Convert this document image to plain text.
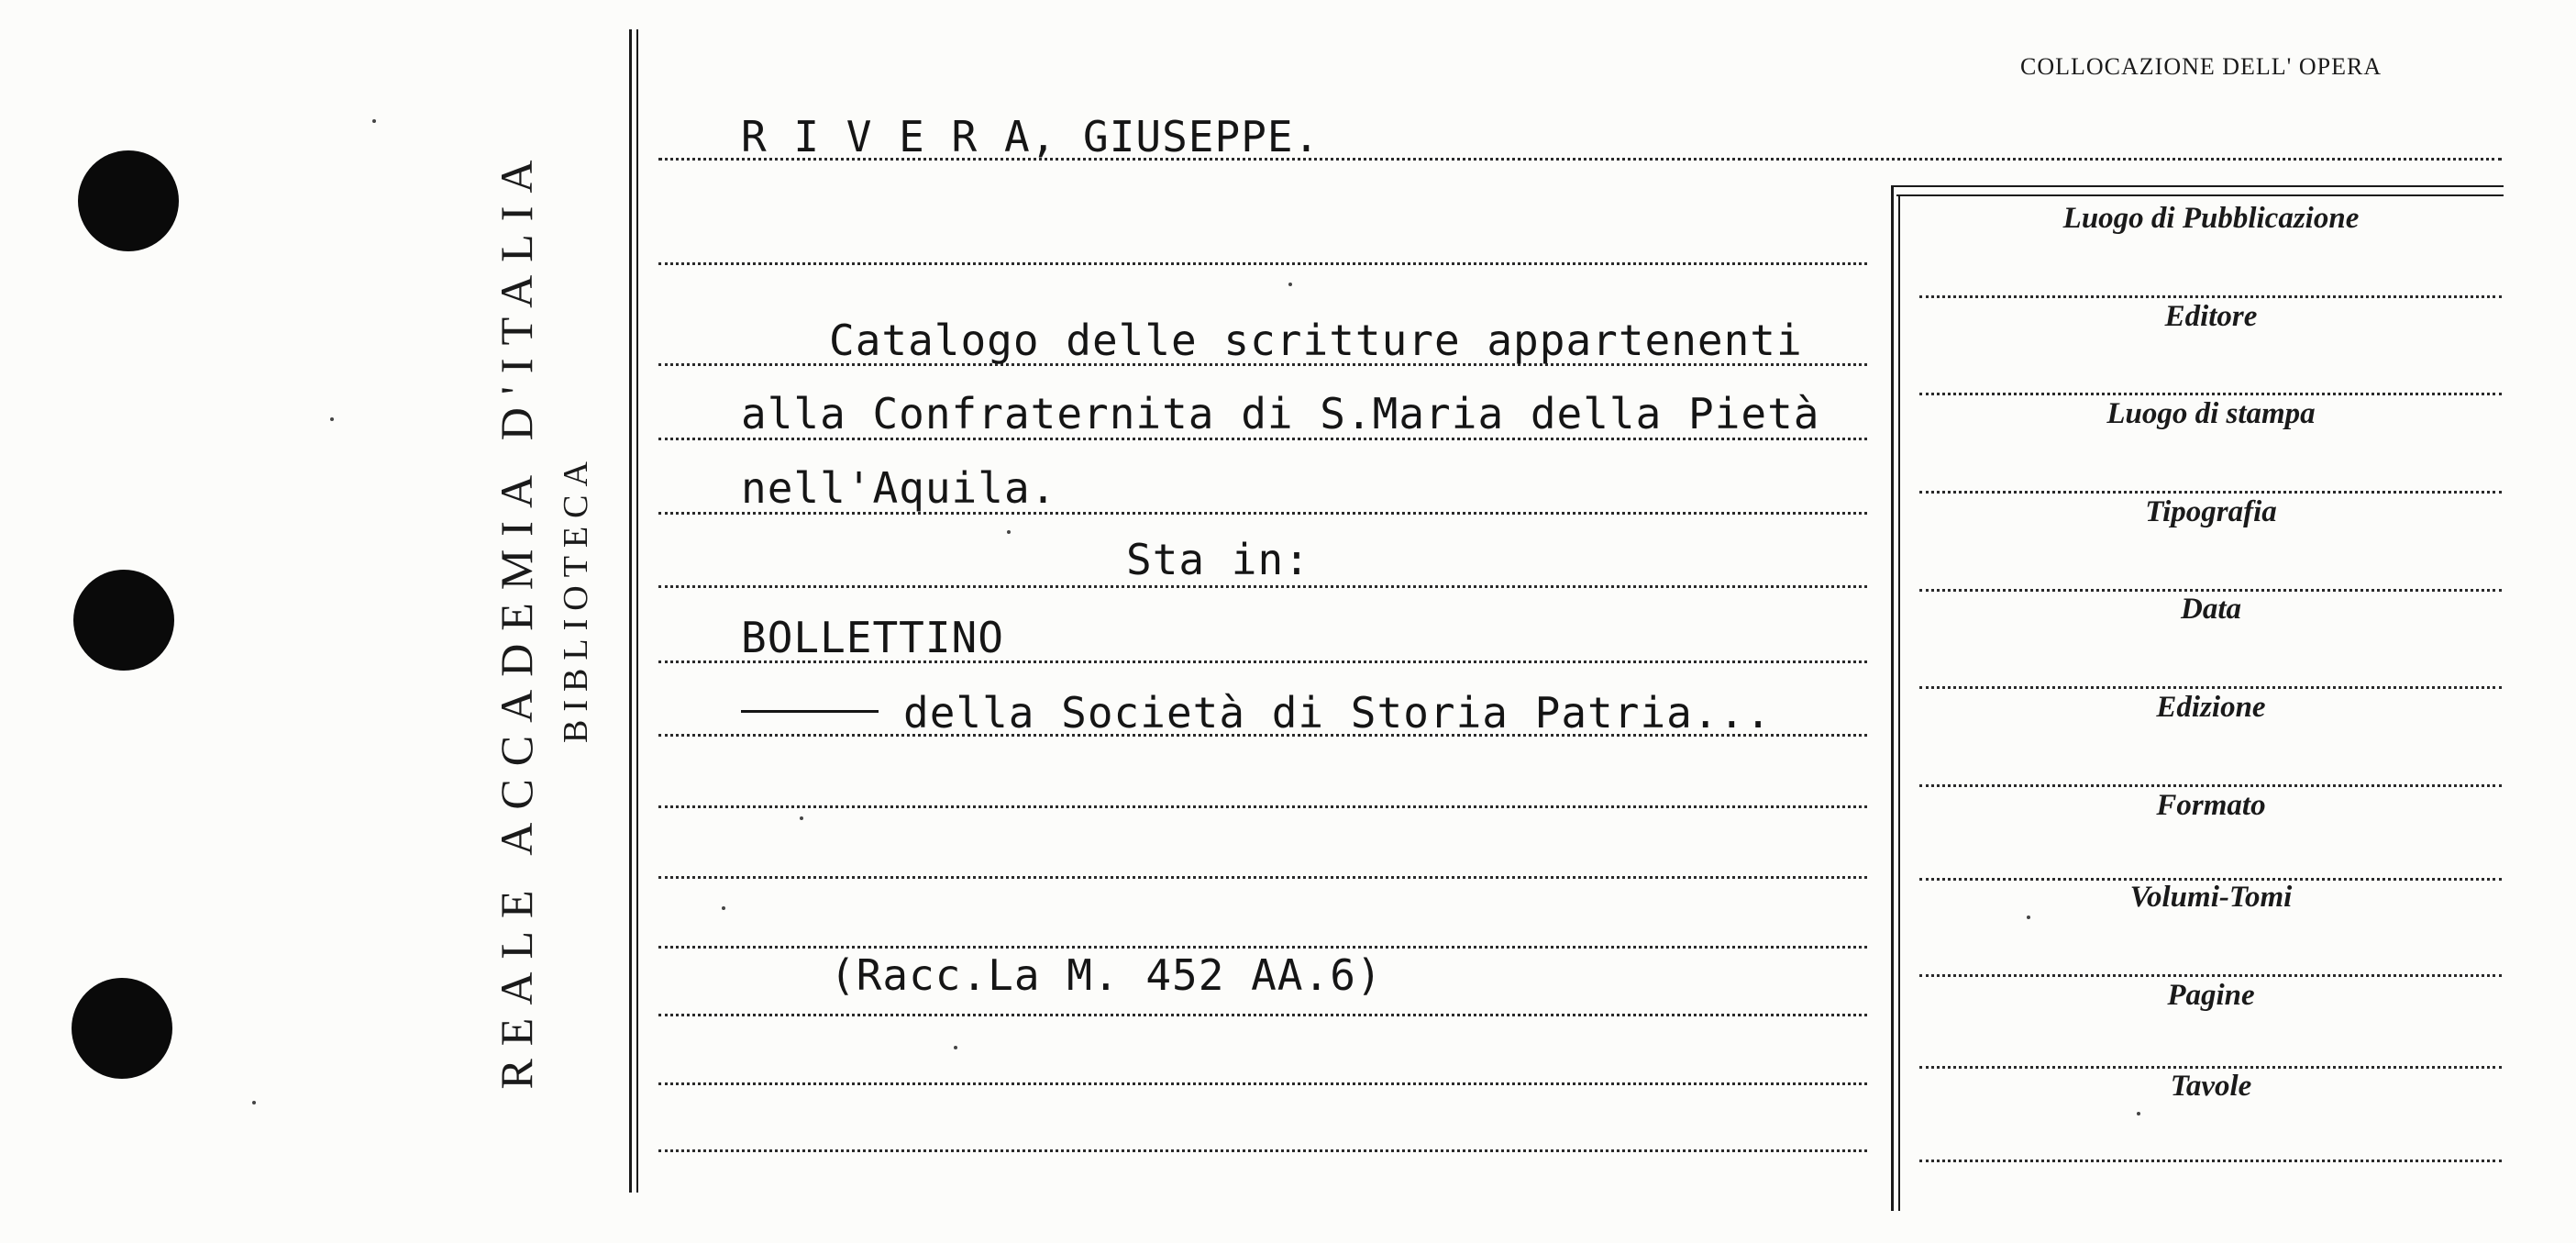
REALE ACCADEMIA D'ITALIA BIBLIOTECA
COLLOCAZIONE DELL' OPERA
R I V E R A, GIUSEPPE.
Catalogo delle scritture appartenenti
alla Confraternita di S.Maria della Pietà
nell'Aquila.
Sta in:
BOLLETTINO
della Società di Storia Patria...
(Racc.La M. 452 AA.6)
Luogo di Pubblicazione
Editore
Luogo di stampa
Tipografia
Data
Edizione
Formato
Volumi-Tomi
Pagine
Tavole
